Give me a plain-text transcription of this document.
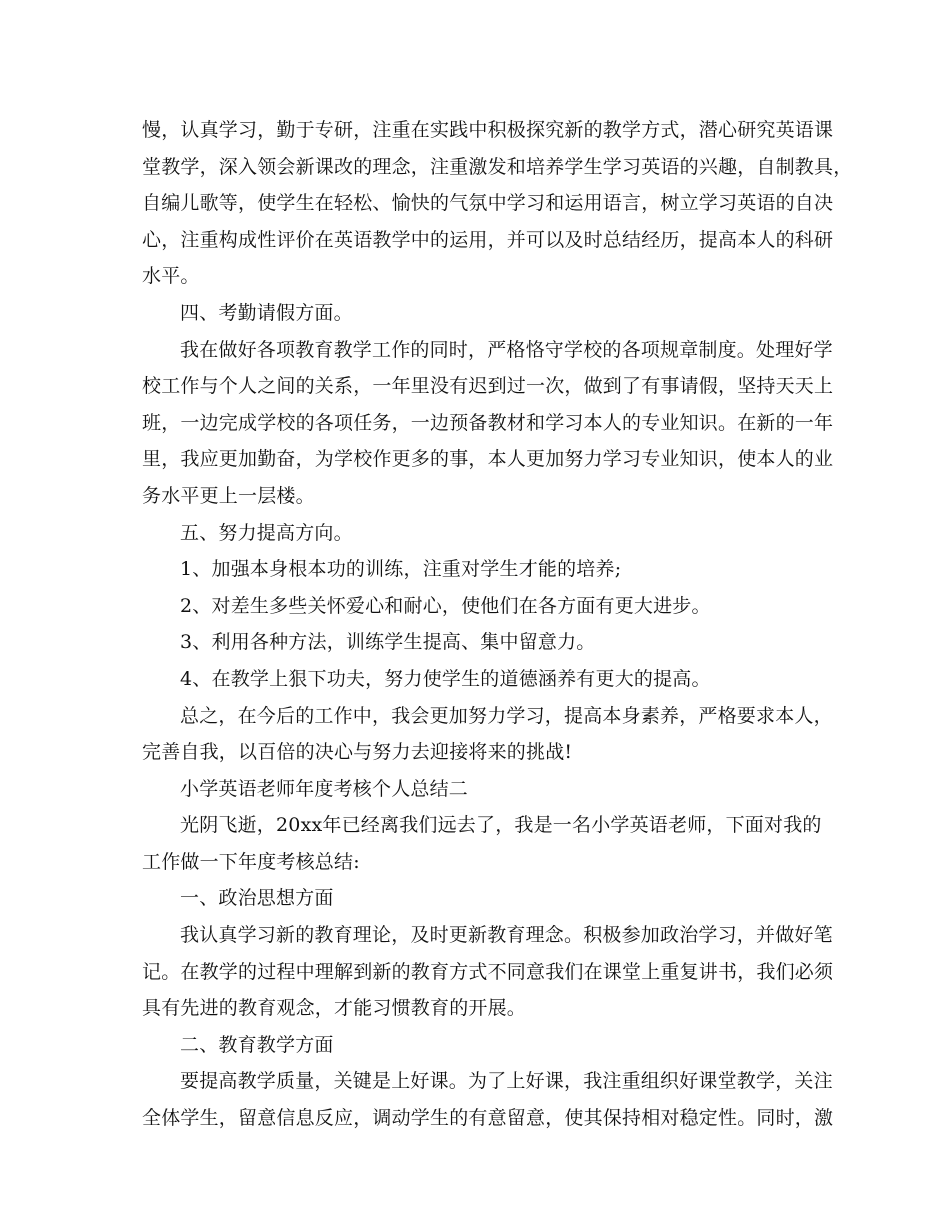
慢，认真学习，勤于专研，注重在实践中积极探究新的教学方式，潜心研究英语课
堂教学，深入领会新课改的理念，注重激发和培养学生学习英语的兴趣，自制教具，
自编儿歌等，使学生在轻松、愉快的气氛中学习和运用语言，树立学习英语的自决
心，注重构成性评价在英语教学中的运用，并可以及时总结经历，提高本人的科研
水平。
四、考勤请假方面。
我在做好各项教育教学工作的同时，严格恪守学校的各项规章制度。处理好学
校工作与个人之间的关系，一年里没有迟到过一次，做到了有事请假，坚持天天上
班，一边完成学校的各项任务，一边预备教材和学习本人的专业知识。在新的一年
里，我应更加勤奋，为学校作更多的事，本人更加努力学习专业知识，使本人的业
务水平更上一层楼。
五、努力提高方向。
1、加强本身根本功的训练，注重对学生才能的培养;
2、对差生多些关怀爱心和耐心，使他们在各方面有更大进步。
3、利用各种方法，训练学生提高、集中留意力。
4、在教学上狠下功夫，努力使学生的道德涵养有更大的提高。
总之，在今后的工作中，我会更加努力学习，提高本身素养，严格要求本人，
完善自我，以百倍的决心与努力去迎接将来的挑战!
小学英语老师年度考核个人总结二
光阴飞逝，20xx年已经离我们远去了，我是一名小学英语老师，下面对我的
工作做一下年度考核总结:
一、政治思想方面
我认真学习新的教育理论，及时更新教育理念。积极参加政治学习，并做好笔
记。在教学的过程中理解到新的教育方式不同意我们在课堂上重复讲书，我们必须
具有先进的教育观念，才能习惯教育的开展。
二、教育教学方面
要提高教学质量，关键是上好课。为了上好课，我注重组织好课堂教学，关注
全体学生，留意信息反应，调动学生的有意留意，使其保持相对稳定性。同时，激
